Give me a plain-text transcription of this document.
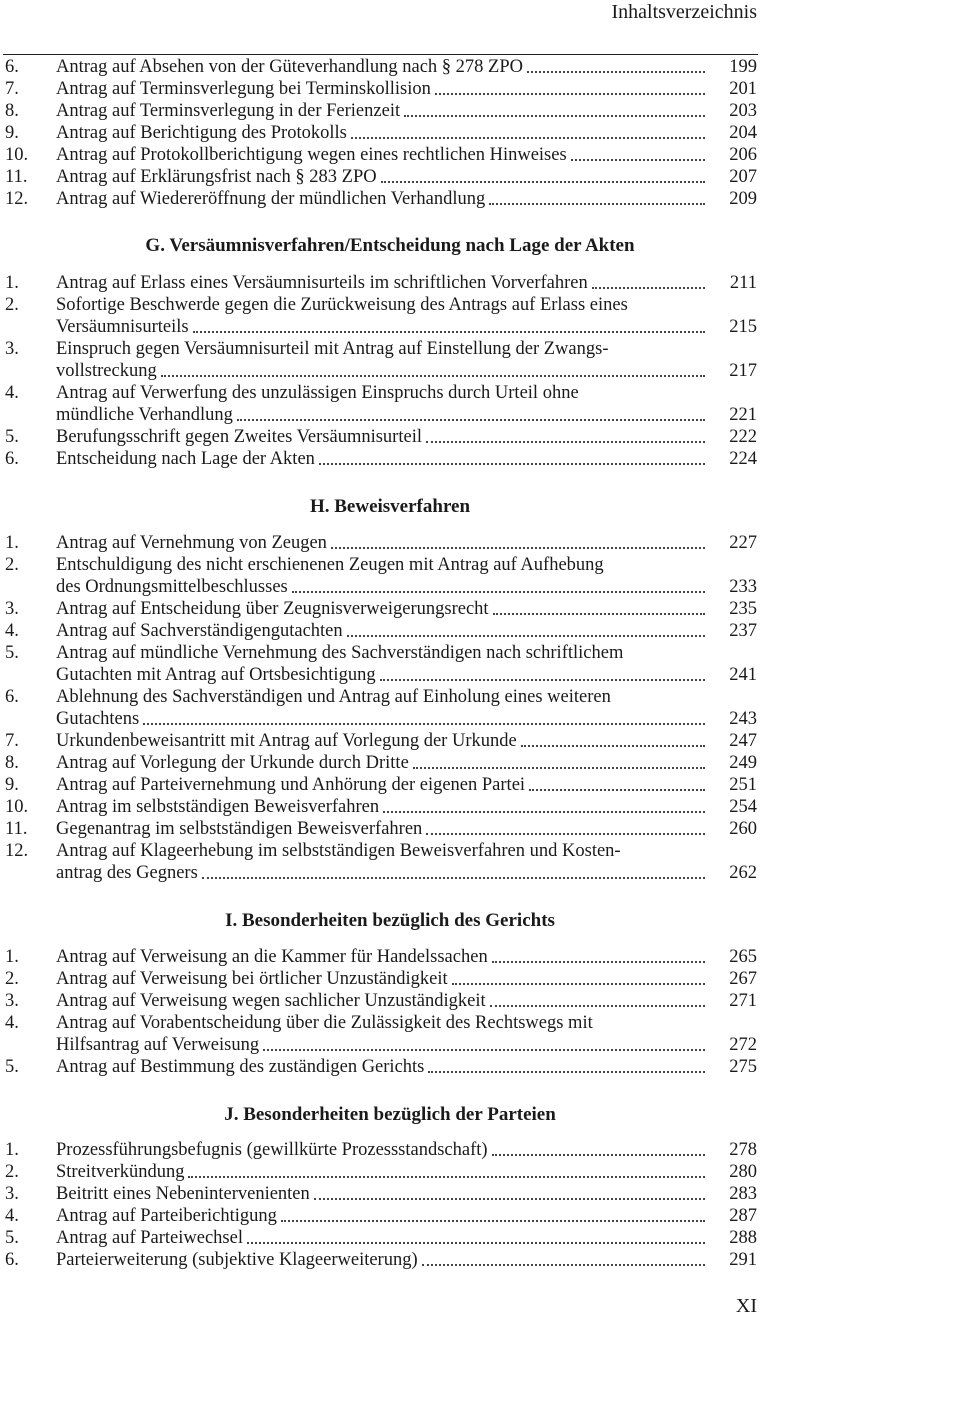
Inhaltsverzeichnis
6.	Antrag auf Absehen von der Güteverhandlung nach § 278 ZPO	199
7.	Antrag auf Terminsverlegung bei Terminskollision	201
8.	Antrag auf Terminsverlegung in der Ferienzeit	203
9.	Antrag auf Berichtigung des Protokolls	204
10.	Antrag auf Protokollberichtigung wegen eines rechtlichen Hinweises	206
11.	Antrag auf Erklärungsfrist nach § 283 ZPO	207
12.	Antrag auf Wiedereröffnung der mündlichen Verhandlung	209
G. Versäumnisverfahren/Entscheidung nach Lage der Akten
1.	Antrag auf Erlass eines Versäumnisurteils im schriftlichen Vorverfahren	211
2.	Sofortige Beschwerde gegen die Zurückweisung des Antrags auf Erlass eines
Versäumnisurteils	215
3.	Einspruch gegen Versäumnisurteil mit Antrag auf Einstellung der Zwangs-
vollstreckung	217
4.	Antrag auf Verwerfung des unzulässigen Einspruchs durch Urteil ohne
mündliche Verhandlung	221
5.	Berufungsschrift gegen Zweites Versäumnisurteil	222
6.	Entscheidung nach Lage der Akten	224
H. Beweisverfahren
1.	Antrag auf Vernehmung von Zeugen	227
2.	Entschuldigung des nicht erschienenen Zeugen mit Antrag auf Aufhebung
des Ordnungsmittelbeschlusses	233
3.	Antrag auf Entscheidung über Zeugnisverweigerungsrecht	235
4.	Antrag auf Sachverständigengutachten	237
5.	Antrag auf mündliche Vernehmung des Sachverständigen nach schriftlichem
Gutachten mit Antrag auf Ortsbesichtigung	241
6.	Ablehnung des Sachverständigen und Antrag auf Einholung eines weiteren
Gutachtens	243
7.	Urkundenbeweisantritt mit Antrag auf Vorlegung der Urkunde	247
8.	Antrag auf Vorlegung der Urkunde durch Dritte	249
9.	Antrag auf Parteivernehmung und Anhörung der eigenen Partei	251
10.	Antrag im selbstständigen Beweisverfahren	254
11.	Gegenantrag im selbstständigen Beweisverfahren	260
12.	Antrag auf Klageerhebung im selbstständigen Beweisverfahren und Kosten-
antrag des Gegners	262
I. Besonderheiten bezüglich des Gerichts
1.	Antrag auf Verweisung an die Kammer für Handelssachen	265
2.	Antrag auf Verweisung bei örtlicher Unzuständigkeit	267
3.	Antrag auf Verweisung wegen sachlicher Unzuständigkeit	271
4.	Antrag auf Vorabentscheidung über die Zulässigkeit des Rechtswegs mit
Hilfsantrag auf Verweisung	272
5.	Antrag auf Bestimmung des zuständigen Gerichts	275
J. Besonderheiten bezüglich der Parteien
1.	Prozessführungsbefugnis (gewillkürte Prozessstandschaft)	278
2.	Streitverkündung	280
3.	Beitritt eines Nebenintervenienten	283
4.	Antrag auf Parteiberichtigung	287
5.	Antrag auf Parteiwechsel	288
6.	Parteierweiterung (subjektive Klageerweiterung)	291
XI
